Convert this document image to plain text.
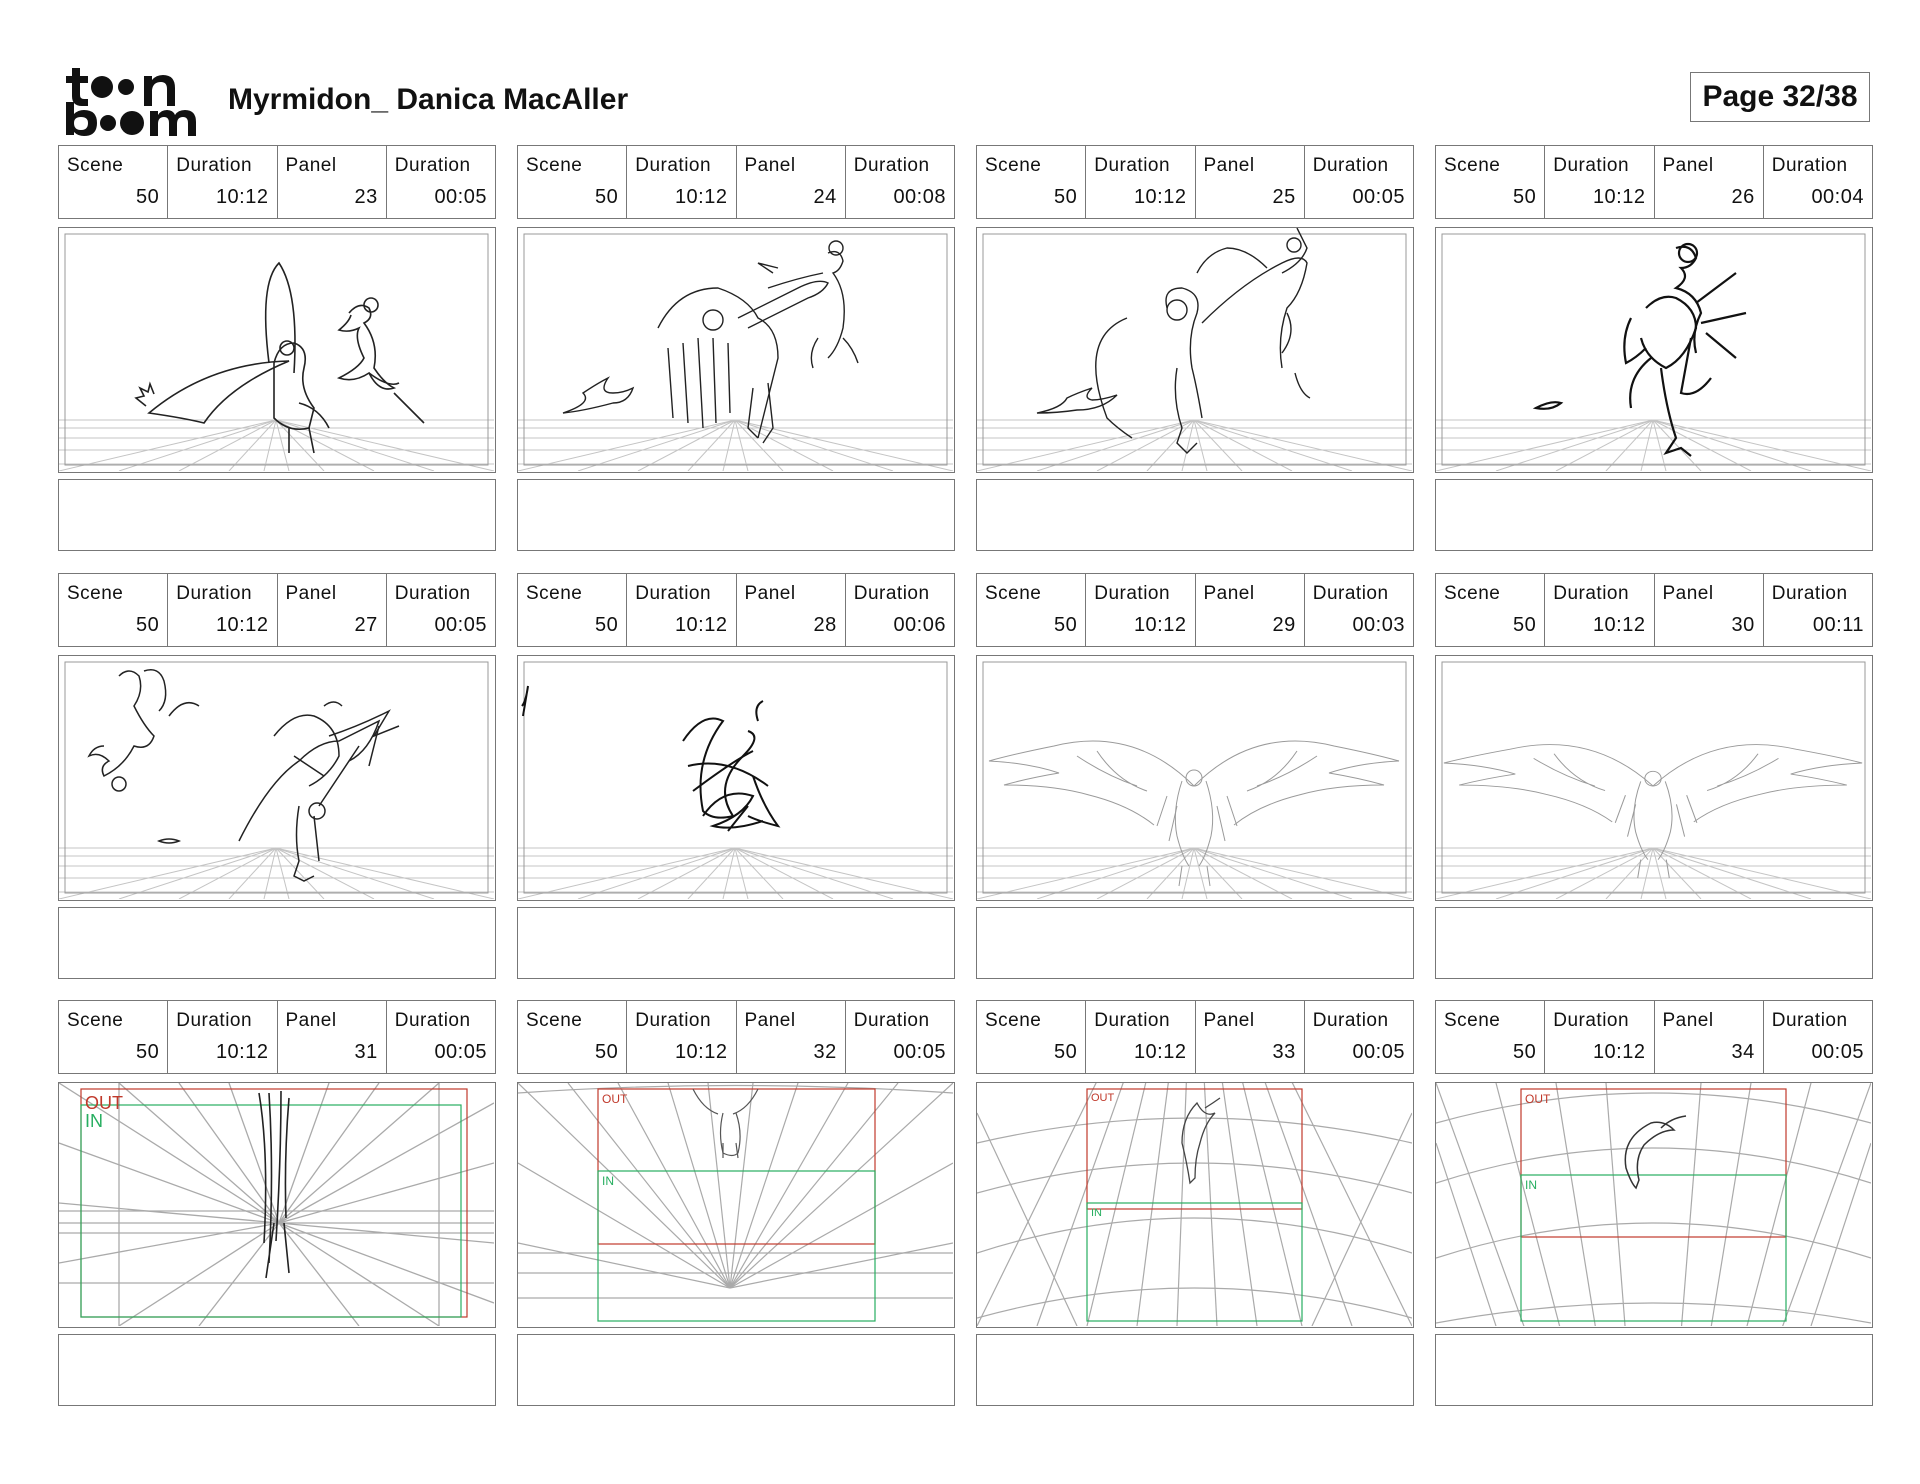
Myrmidon_ Danica MacAller	Page 32/38
Scene
50
Duration
10:12
Panel
23
Duration
00:05
Scene
50
Duration
10:12
Panel
24
Duration
00:08
Scene
50
Duration
10:12
Panel
25
Duration
00:05
Scene
50
Duration
10:12
Panel
26
Duration
00:04
Scene
50
Duration
10:12
Panel
27
Duration
00:05
Scene
50
Duration
10:12
Panel
28
Duration
00:06
Scene
50
Duration
10:12
Panel
29
Duration
00:03
Scene
50
Duration
10:12
Panel
30
Duration
00:11
Scene
50
Duration
10:12
Panel
31
Duration
00:05
OUT
IN
Scene
50
Duration
10:12
Panel
32
Duration
00:05
OUT
IN
Scene
50
Duration
10:12
Panel
33
Duration
00:05
OUT
IN
Scene
50
Duration
10:12
Panel
34
Duration
00:05
OUT
IN
